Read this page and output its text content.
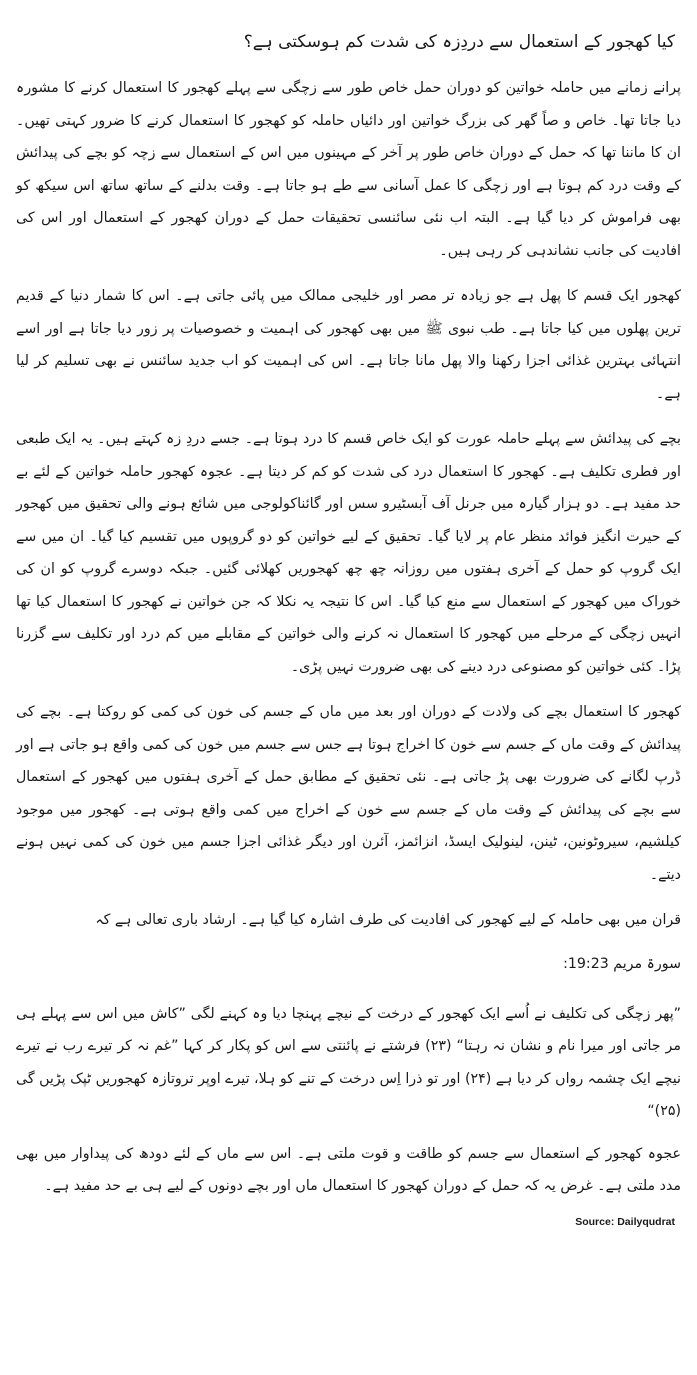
کیا کھجور کے استعمال سے دردِزہ کی شدت کم ہوسکتی ہے؟

پرانے زمانے میں حاملہ خواتین کو دوران حمل خاص طور سے زچگی سے پہلے کھجور کا استعمال کرنے کا مشورہ دیا جاتا تھا۔ خاص و صاً گھر کی بزرگ خواتین اور دائیاں حاملہ کو کھجور کا استعمال کرنے کا ضرور کہتی تھیں۔ ان کا ماننا تھا کہ حمل کے دوران خاص طور پر آخر کے مہینوں میں اس کے استعمال سے زچہ کو بچے کی پیدائش کے وقت درد کم ہوتا ہے اور زچگی کا عمل آسانی سے طے ہو جاتا ہے۔ وقت بدلنے کے ساتھ ساتھ اس سیکھ کو بھی فراموش کر دیا گیا ہے۔ البتہ اب نئی سائنسی تحقیقات حمل کے دوران کھجور کے استعمال اور اس کی افادیت کی جانب نشاندہی کر رہی ہیں۔

کھجور ایک قسم کا پھل ہے جو زیادہ تر مصر اور خلیجی ممالک میں پائی جاتی ہے۔ اس کا شمار دنیا کے قدیم ترین پھلوں میں کیا جاتا ہے۔ طب نبوی ﷺ میں بھی کھجور کی اہمیت و خصوصیات پر زور دیا جاتا ہے اور اسے انتہائی بہترین غذائی اجزا رکھنا والا پھل مانا جاتا ہے۔ اس کی اہمیت کو اب جدید سائنس نے بھی تسلیم کر لیا ہے۔

بچے کی پیدائش سے پہلے حاملہ عورت کو ایک خاص قسم کا درد ہوتا ہے۔ جسے دردِ زہ کہتے ہیں۔ یہ ایک طبعی اور فطری تکلیف ہے۔ کھجور کا استعمال درد کی شدت کو کم کر دیتا ہے۔ عجوہ کھجور حاملہ خواتین کے لئے بے حد مفید ہے۔ دو ہزار گیارہ میں جرنل آف آبسٹیرو سس اور گائناکولوجی میں شائع ہونے والی تحقیق میں کھجور کے حیرت انگیز فوائد منظر عام پر لایا گیا۔ تحقیق کے لیے خواتین کو دو گروپوں میں تقسیم کیا گیا۔ ان میں سے ایک گروپ کو حمل کے آخری ہفتوں میں روزانہ چھ چھ کھجوریں کھلائی گئیں۔ جبکہ دوسرے گروپ کو ان کی خوراک میں کھجور کے استعمال سے منع کیا گیا۔ اس کا نتیجہ یہ نکلا کہ جن خواتین نے کھجور کا استعمال کیا تھا انہیں زچگی کے مرحلے میں کھجور کا استعمال نہ کرنے والی خواتین کے مقابلے میں کم درد اور تکلیف سے گزرنا پڑا۔ کئی خواتین کو مصنوعی درد دینے کی بھی ضرورت نہیں پڑی۔

کھجور کا استعمال بچے کی ولادت کے دوران اور بعد میں ماں کے جسم کی خون کی کمی کو روکتا ہے۔ بچے کی پیدائش کے وقت ماں کے جسم سے خون کا اخراج ہوتا ہے جس سے جسم میں خون کی کمی واقع ہو جاتی ہے اور ڈرپ لگانے کی ضرورت بھی پڑ جاتی ہے۔ نئی تحقیق کے مطابق حمل کے آخری ہفتوں میں کھجور کے استعمال سے بچے کی پیدائش کے وقت ماں کے جسم سے خون کے اخراج میں کمی واقع ہوتی ہے۔ کھجور میں موجود کیلشیم، سیروٹونین، ٹینن، لینولیک ایسڈ، انزائمز، آئرن اور دیگر غذائی اجزا جسم میں خون کی کمی نہیں ہونے دیتے۔

قران میں بھی حاملہ کے لیے کھجور کی افادیت کی طرف اشارہ کیا گیا ہے۔ ارشاد باری تعالی ہے کہ

:سورۃ مریم 19:23

”پھر زچگی کی تکلیف نے اُسے ایک کھجور کے درخت کے نیچے پہنچا دیا وہ کہنے لگی ”کاش میں اس سے پہلے ہی مر جاتی اور میرا نام و نشان نہ رہتا“ (۲۳) فرشتے نے پائنتی سے اس کو پکار کر کہا ”غم نہ کر تیرے رب نے تیرے نیچے ایک چشمہ رواں کر دیا ہے (۲۴) اور تو ذرا اِس درخت کے تنے کو ہلا، تیرے اوپر تروتازہ کھجوریں ٹپک پڑیں گی (۲۵)“

عجوہ کھجور کے استعمال سے جسم کو طاقت و قوت ملتی ہے۔ اس سے ماں کے لئے دودھ کی پیداوار میں بھی مدد ملتی ہے۔ غرض یہ کہ حمل کے دوران کھجور کا استعمال ماں اور بچے دونوں کے لیے ہی بے حد مفید ہے۔

Source: Dailyqudrat
